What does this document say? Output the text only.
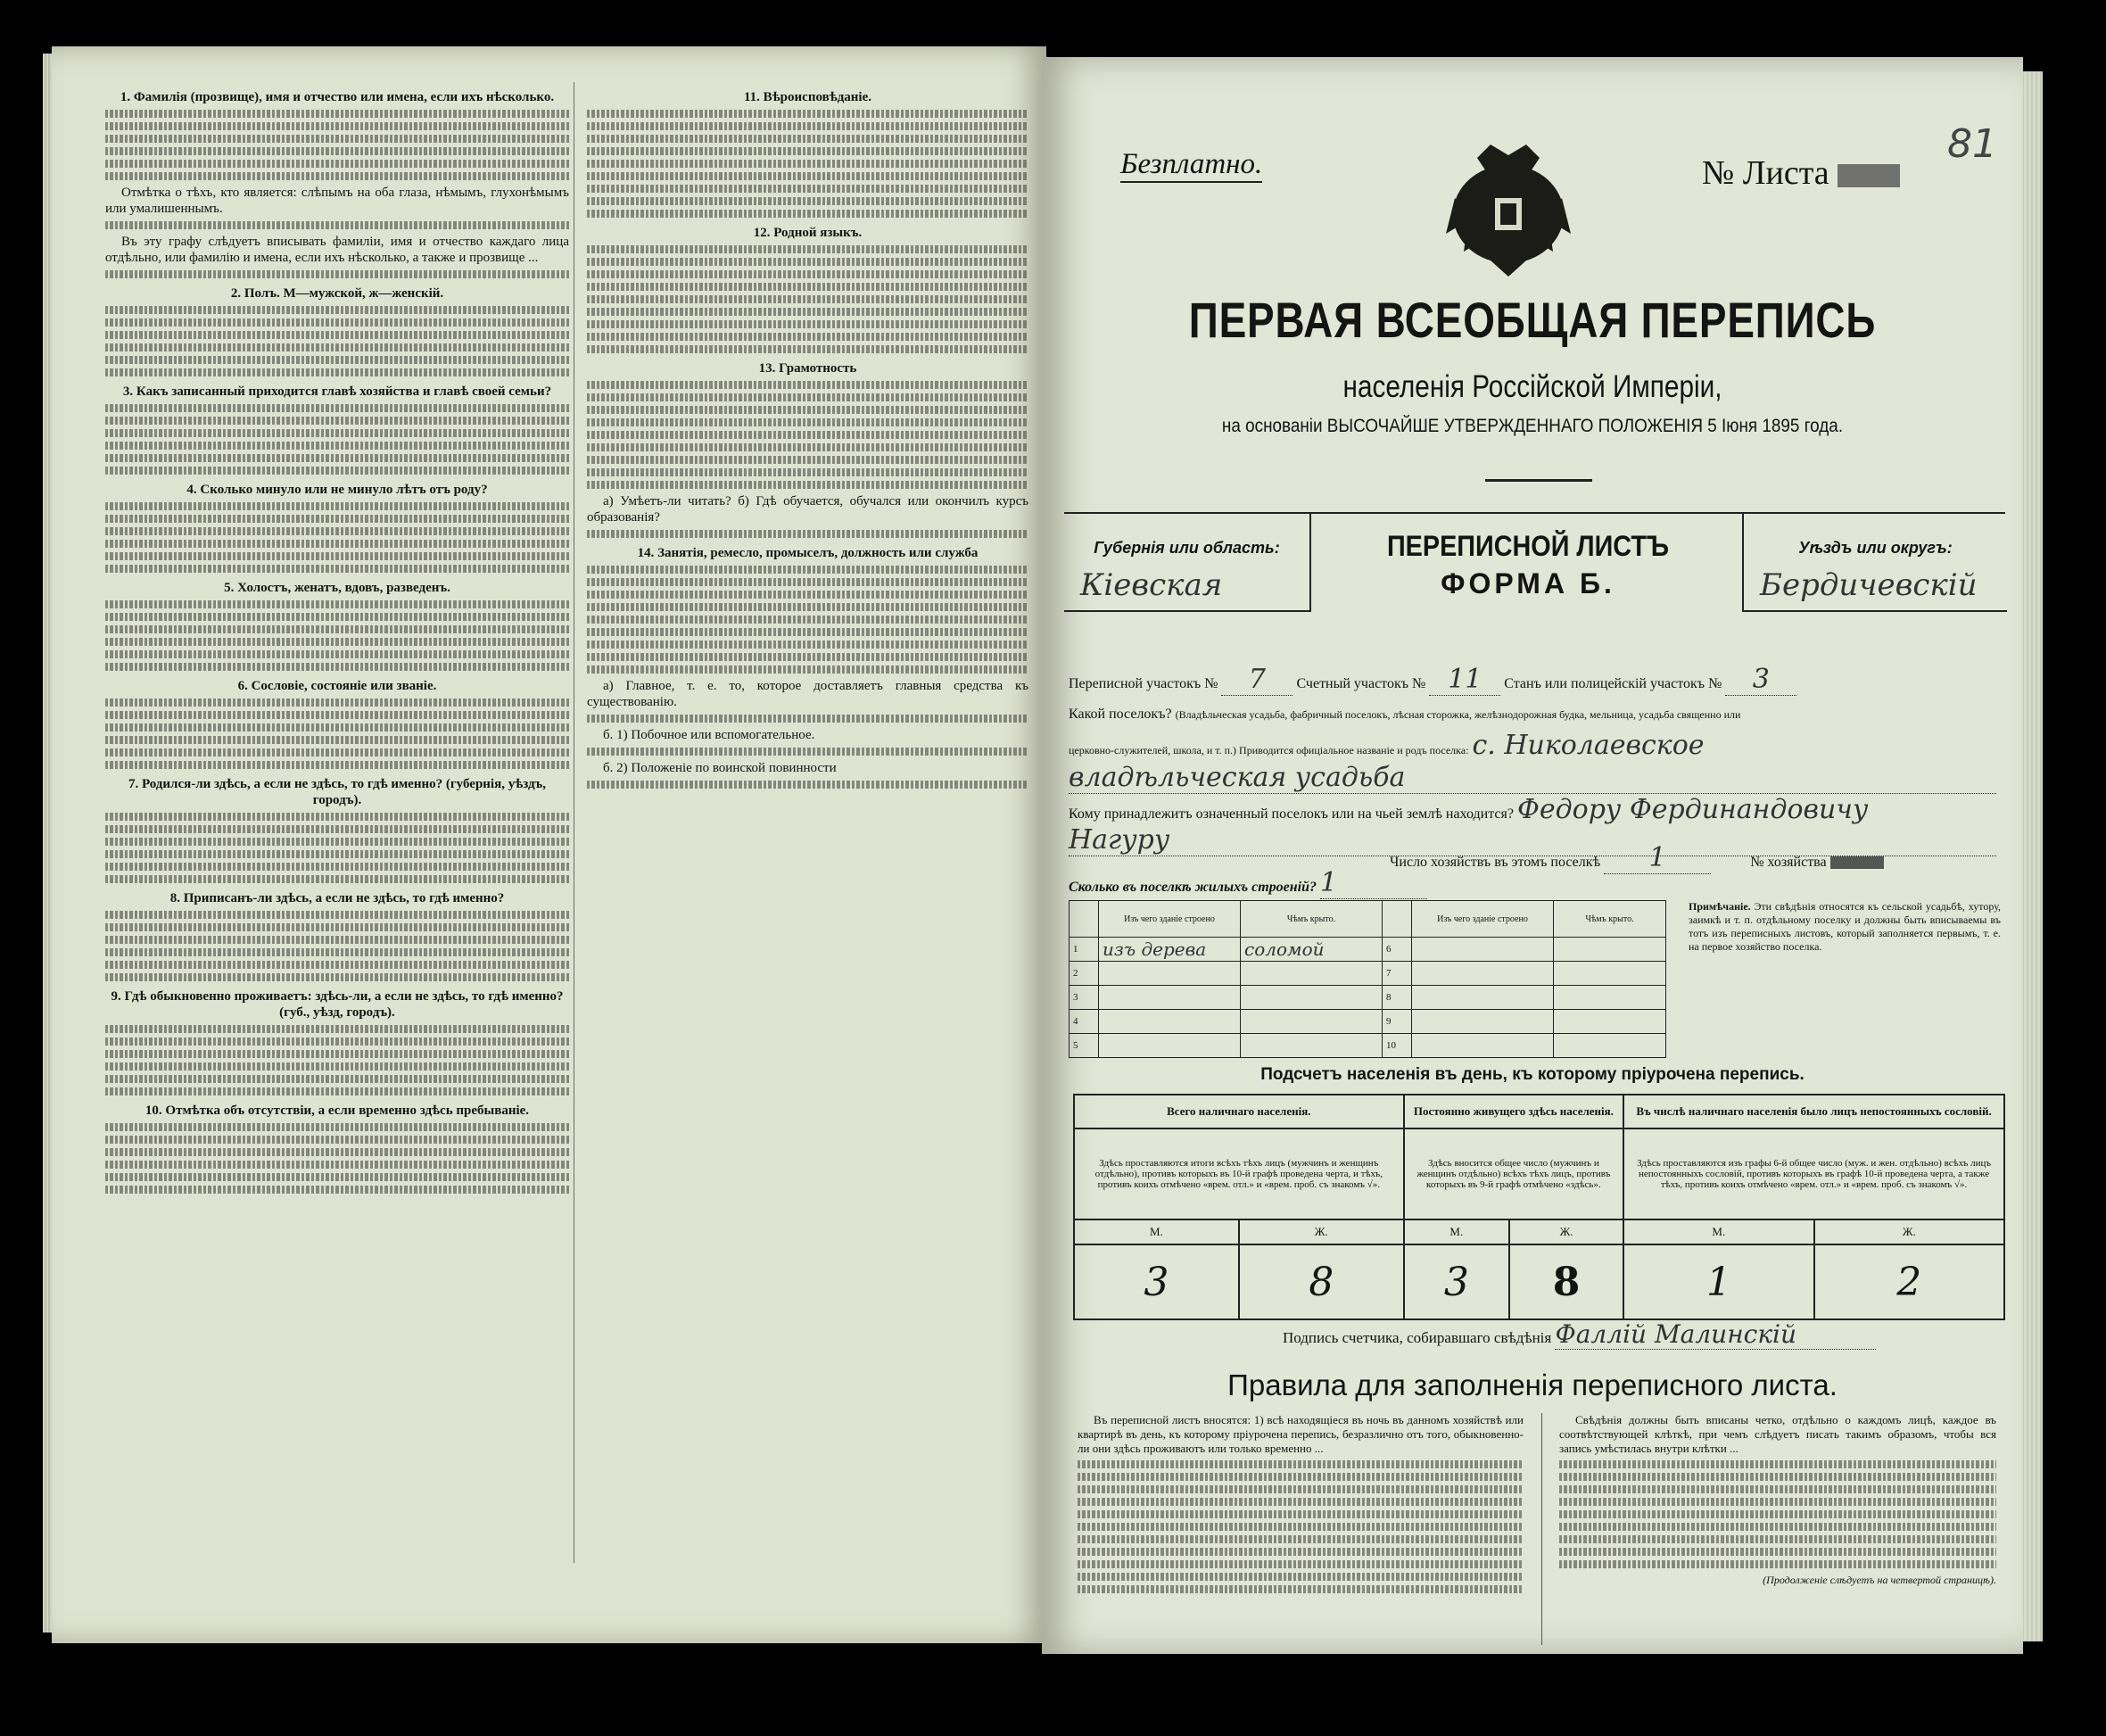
1. Фамилія (прозвище), имя и отчество или имена, если ихъ нѣсколько.
Отмѣтка о тѣхъ, кто является: слѣпымъ на оба глаза, нѣмымъ, глухонѣмымъ или умалишеннымъ.
Въ эту графу слѣдуетъ вписывать фамиліи, имя и отчество каждаго лица отдѣльно, или фамилію и имена, если ихъ нѣсколько, а также и прозвище ...
2. Полъ. М—мужской, ж—женскій.
3. Какъ записанный приходится главѣ хозяйства и главѣ своей семьи?
4. Сколько минуло или не минуло лѣтъ отъ роду?
5. Холостъ, женатъ, вдовъ, разведенъ.
6. Сословіе, состояніе или званіе.
7. Родился-ли здѣсь, а если не здѣсь, то гдѣ именно? (губернія, уѣздъ, городъ).
8. Приписанъ-ли здѣсь, а если не здѣсь, то гдѣ именно?
9. Гдѣ обыкновенно проживаетъ: здѣсь-ли, а если не здѣсь, то гдѣ именно? (губ., уѣзд, городъ).
10. Отмѣтка объ отсутствіи, а если временно здѣсь пребываніе.
11. Вѣроисповѣданіе.
12. Родной языкъ.
13. Грамотность
а) Умѣетъ-ли читать? б) Гдѣ обучается, обучался или окончилъ курсъ образованія?
14. Занятія, ремесло, промыселъ, должность или служба
а) Главное, т. е. то, которое доставляетъ главныя средства къ существованію.
б. 1) Побочное или вспомогательное.
б. 2) Положеніе по воинской повинности
Безплатно.	№ Листа
81
ПЕРВАЯ ВСЕОБЩАЯ ПЕРЕПИСЬ
населенія Россійской Имперіи,
на основаніи ВЫСОЧАЙШЕ УТВЕРЖДЕННАГО ПОЛОЖЕНІЯ 5 Іюня 1895 года.
Губернія или область:
Кіевская
ПЕРЕПИСНОЙ ЛИСТЪ
ФОРМА Б.
Уѣздъ или округъ:
Бердичевскій
Переписной участокъ № 7 Счетный участокъ № 11 Станъ или полицейскій участокъ № 3
Какой поселокъ? (Владѣльческая усадьба, фабричный поселокъ, лѣсная сторожка, желѣзнодорожная будка, мельница, усадьба священно или
церковно-служителей, школа, и т. п.) Приводится офиціальное названіе и родъ поселка: с. Николаевское
владѣльческая усадьба
Кому принадлежитъ означенный поселокъ или на чьей землѣ находится? Федору Фердинандовичу
Нагуру
Число хозяйствъ въ этомъ поселкѣ 1	№ хозяйства
Сколько въ поселкѣ жилыхъ строеній? 1
	Изъ чего зданіе строено	Чѣмъ крыто.		Изъ чего зданіе строено	Чѣмъ крыто.
1	изъ дерева	соломой	6		
2			7		
3			8		
4			9		
5			10		
Примѣчаніе. Эти свѣдѣнія относятся къ сельской усадьбѣ, хутору, заимкѣ и т. п. отдѣльному поселку и должны быть вписываемы въ тотъ изъ переписныхъ листовъ, который заполняется первымъ, т. е. на первое хозяйство поселка.
Подсчетъ населенія въ день, къ которому пріурочена перепись.
Всего наличнаго населенія.		Постоянно живущего здѣсь населенія.		Въ числѣ наличнаго населенія было лицъ непостоянныхъ сословій.	
Здѣсь проставляются итоги всѣхъ тѣхъ лицъ (мужчинъ и женщинъ отдѣльно), противъ которыхъ въ 10-й графѣ проведена черта, и тѣхъ, противъ коихъ отмѣчено «врем. отл.» и «врем. проб. съ знакомъ √».		Здѣсь вносится общее число (мужчинъ и женщинъ отдѣльно) всѣхъ тѣхъ лицъ, противъ которыхъ въ 9-й графѣ отмѣчено «здѣсь».		Здѣсь проставляются изъ графы 6-й общее число (муж. и жен. отдѣльно) всѣхъ лицъ непостоянныхъ сословій, противъ которыхъ въ графѣ 10-й проведена черта, а также тѣхъ, противъ коихъ отмѣчено «врем. отл.» и «врем. проб. съ знакомъ √».	
М.	Ж.	М.	Ж.	М.	Ж.
3	8	3	8	1	2
Подпись счетчика, собиравшаго свѣдѣнія Фаллій Малинскій
Правила для заполненія переписного листа.
Въ переписной листъ вносятся: 1) всѣ находящіеся въ ночь въ данномъ хозяйствѣ или квартирѣ въ день, къ которому пріурочена перепись, безразлично отъ того, обыкновенно-ли они здѣсь проживаютъ или только временно ...
Свѣдѣнія должны быть вписаны четко, отдѣльно о каждомъ лицѣ, каждое въ соотвѣтствующей клѣткѣ, при чемъ слѣдуетъ писать такимъ образомъ, чтобы вся запись умѣстилась внутри клѣтки ...
(Продолженіе слѣдуетъ на четвертой страницѣ).
